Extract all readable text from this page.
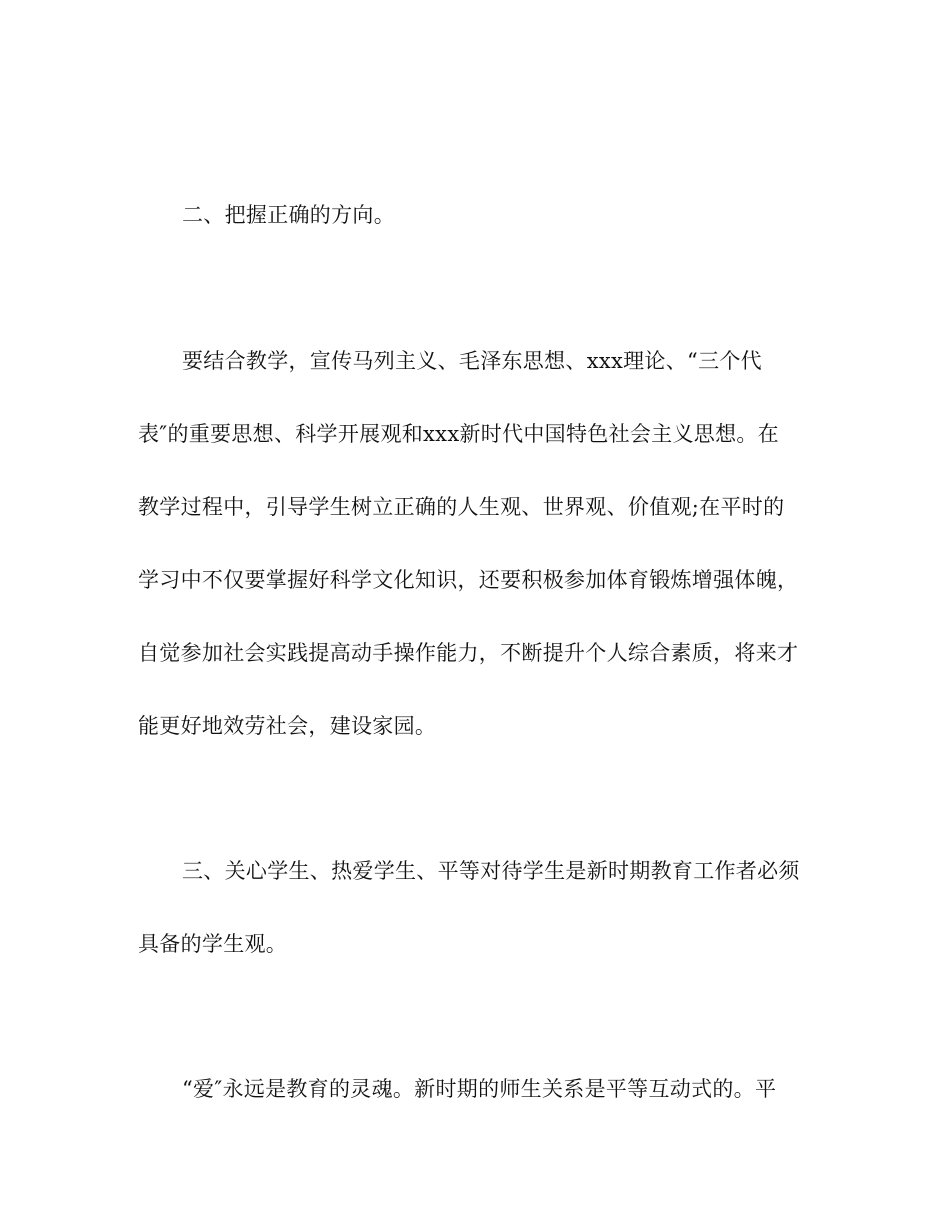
二、把握正确的方向。
要结合教学，宣传马列主义、毛泽东思想、xxx理论、“三个代
表″的重要思想、科学开展观和xxx新时代中国特色社会主义思想。在
教学过程中，引导学生树立正确的人生观、世界观、价值观;在平时的
学习中不仅要掌握好科学文化知识，还要积极参加体育锻炼增强体魄，
自觉参加社会实践提高动手操作能力，不断提升个人综合素质，将来才
能更好地效劳社会，建设家园。
三、关心学生、热爱学生、平等对待学生是新时期教育工作者必须
具备的学生观。
“爱″永远是教育的灵魂。新时期的师生关系是平等互动式的。平
